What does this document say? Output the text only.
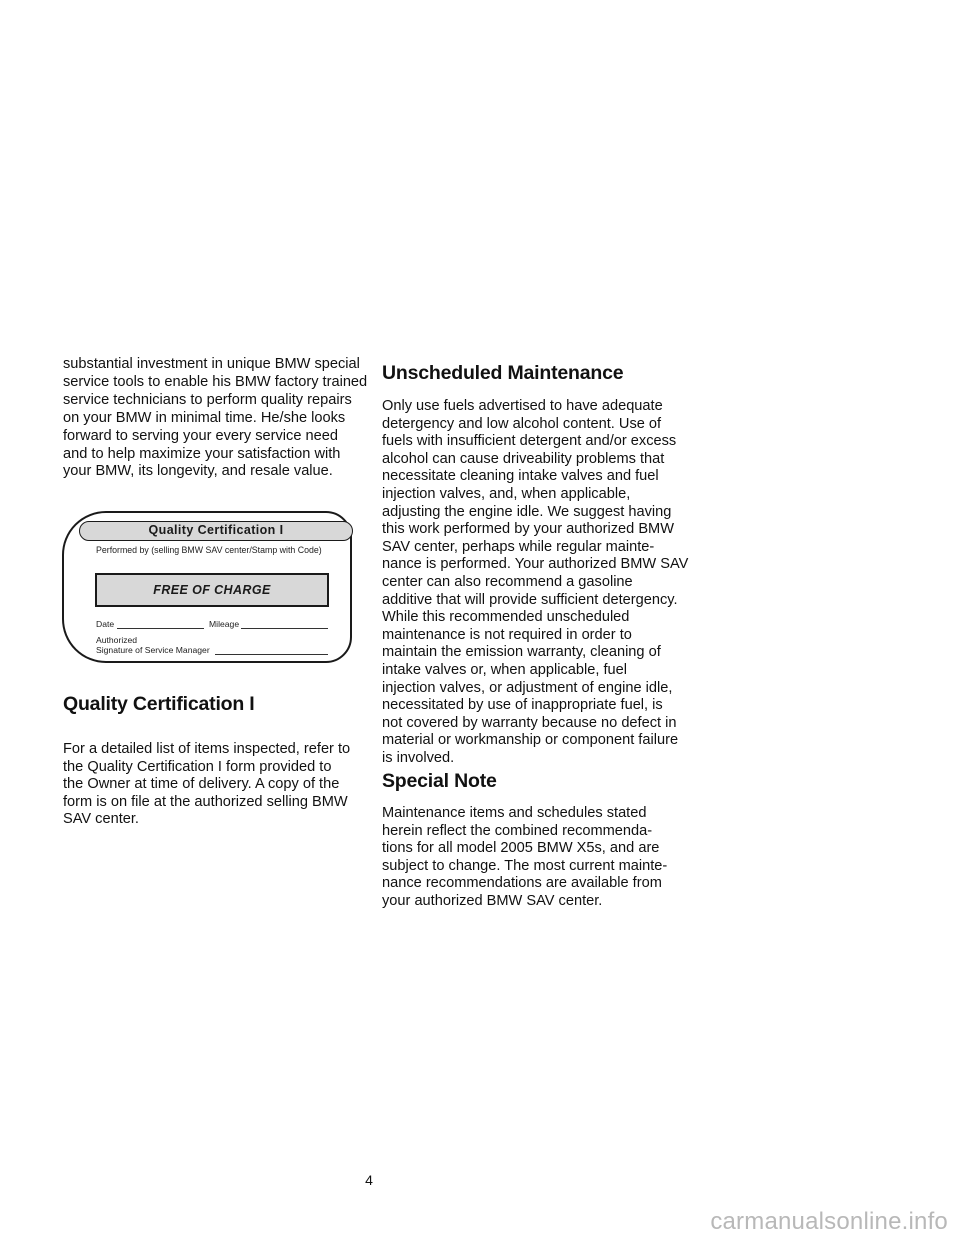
substantial investment in unique BMW special
service tools to enable his BMW factory trained
service technicians to perform quality repairs
on your BMW in minimal time. He/she looks
forward to serving your every service need
and to help maximize your satisfaction with
your BMW, its longevity, and resale value.
Quality Certification I
Performed by (selling BMW SAV center/Stamp with Code)
FREE OF CHARGE
Date	Mileage
Authorized
Signature of Service Manager
Quality Certification I
For a detailed list of items inspected, refer to
the Quality Certification I form provided to
the Owner at time of delivery. A copy of the
form is on file at the authorized selling BMW
SAV center.
Unscheduled Maintenance
Only use fuels advertised to have adequate
detergency and low alcohol content. Use of
fuels with insufficient detergent and/or excess
alcohol can cause driveability problems that
necessitate cleaning intake valves and fuel
injection valves, and, when applicable,
adjusting the engine idle. We suggest having
this work performed by your authorized BMW
SAV center, perhaps while regular mainte-
nance is performed. Your authorized BMW SAV
center can also recommend a gasoline
additive that will provide sufficient detergency.
While this recommended unscheduled
maintenance is not required in order to
maintain the emission warranty, cleaning of
intake valves or, when applicable, fuel
injection valves, or adjustment of engine idle,
necessitated by use of inappropriate fuel, is
not covered by warranty because no defect in
material or workmanship or component failure
is involved.
Special Note
Maintenance items and schedules stated
herein reflect the combined recommenda-
tions for all model 2005 BMW X5s, and are
subject to change. The most current mainte-
nance recommendations are available from
your authorized BMW SAV center.
4
carmanualsonline.info
